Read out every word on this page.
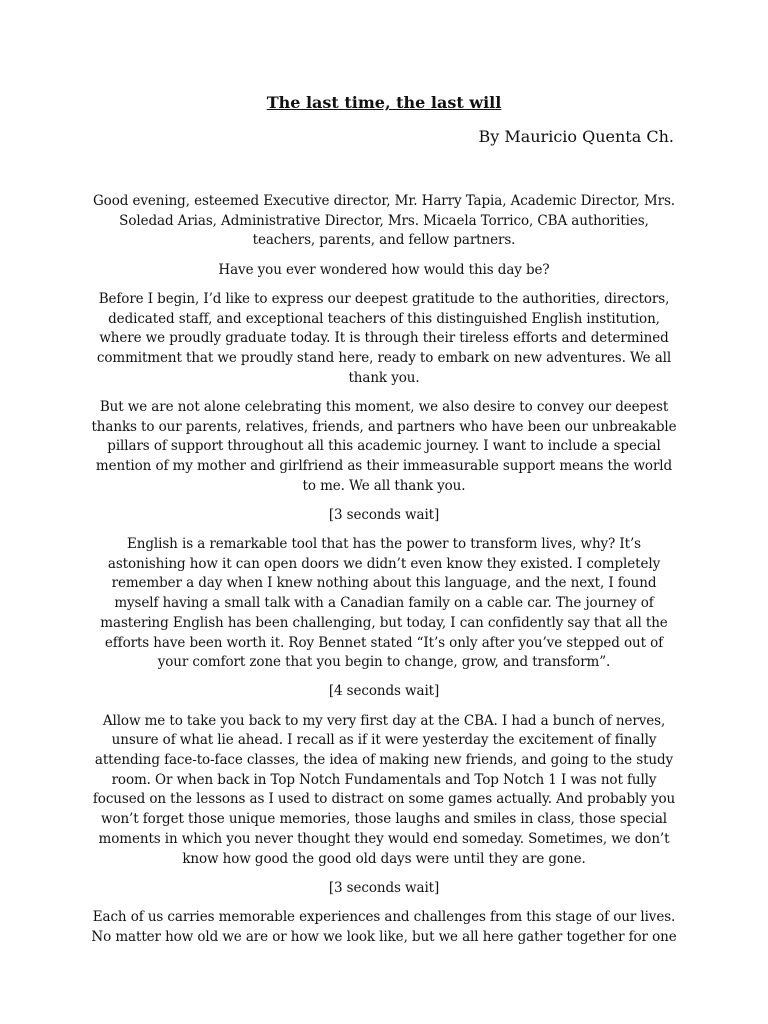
The last time, the last will
By Mauricio Quenta Ch.

Good evening, esteemed Executive director, Mr. Harry Tapia, Academic Director, Mrs. Soledad Arias, Administrative Director, Mrs. Micaela Torrico, CBA authorities, teachers, parents, and fellow partners.

Have you ever wondered how would this day be?

Before I begin, I’d like to express our deepest gratitude to the authorities, directors, dedicated staff, and exceptional teachers of this distinguished English institution, where we proudly graduate today. It is through their tireless efforts and determined commitment that we proudly stand here, ready to embark on new adventures. We all thank you.

But we are not alone celebrating this moment, we also desire to convey our deepest thanks to our parents, relatives, friends, and partners who have been our unbreakable pillars of support throughout all this academic journey. I want to include a special mention of my mother and girlfriend as their immeasurable support means the world to me. We all thank you.

[3 seconds wait]

English is a remarkable tool that has the power to transform lives, why? It’s astonishing how it can open doors we didn’t even know they existed. I completely remember a day when I knew nothing about this language, and the next, I found myself having a small talk with a Canadian family on a cable car. The journey of mastering English has been challenging, but today, I can confidently say that all the efforts have been worth it. Roy Bennet stated “It’s only after you’ve stepped out of your comfort zone that you begin to change, grow, and transform”.

[4 seconds wait]

Allow me to take you back to my very first day at the CBA. I had a bunch of nerves, unsure of what lie ahead. I recall as if it were yesterday the excitement of finally attending face-to-face classes, the idea of making new friends, and going to the study room. Or when back in Top Notch Fundamentals and Top Notch 1 I was not fully focused on the lessons as I used to distract on some games actually. And probably you won’t forget those unique memories, those laughs and smiles in class, those special moments in which you never thought they would end someday. Sometimes, we don’t know how good the good old days were until they are gone.

[3 seconds wait]

Each of us carries memorable experiences and challenges from this stage of our lives. No matter how old we are or how we look like, but we all here gather together for one
